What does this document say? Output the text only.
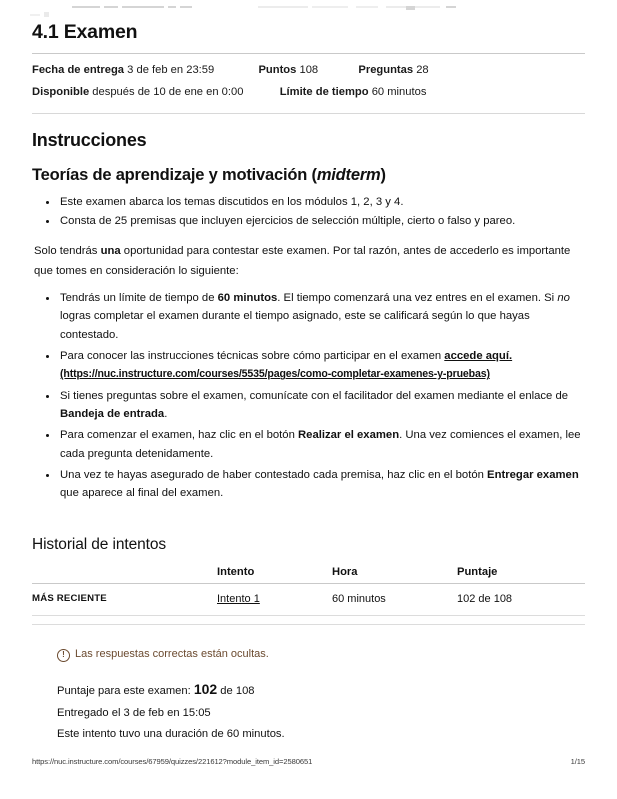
4.1 Examen
Fecha de entrega 3 de feb en 23:59	Puntos 108	Preguntas 28
Disponible después de 10 de ene en 0:00	Límite de tiempo 60 minutos
Instrucciones
Teorías de aprendizaje y motivación (midterm)
• Este examen abarca los temas discutidos en los módulos 1, 2, 3 y 4.
• Consta de 25 premisas que incluyen ejercicios de selección múltiple, cierto o falso y pareo.

Solo tendrás una oportunidad para contestar este examen. Por tal razón, antes de accederlo es importante que tomes en consideración lo siguiente:

• Tendrás un límite de tiempo de 60 minutos. El tiempo comenzará una vez entres en el examen. Si no logras completar el examen durante el tiempo asignado, este se calificará según lo que hayas contestado.
• Para conocer las instrucciones técnicas sobre cómo participar en el examen accede aquí. (https://nuc.instructure.com/courses/5535/pages/como-completar-examenes-y-pruebas)
• Si tienes preguntas sobre el examen, comunícate con el facilitador del examen mediante el enlace de Bandeja de entrada.
• Para comenzar el examen, haz clic en el botón Realizar el examen. Una vez comiences el examen, lee cada pregunta detenidamente.
• Una vez te hayas asegurado de haber contestado cada premisa, haz clic en el botón Entregar examen que aparece al final del examen.
Historial de intentos
	Intento	Hora	Puntaje
MÁS RECIENTE	Intento 1	60 minutos	102 de 108
! Las respuestas correctas están ocultas.
Puntaje para este examen: 102 de 108
Entregado el 3 de feb en 15:05
Este intento tuvo una duración de 60 minutos.
https://nuc.instructure.com/courses/67959/quizzes/221612?module_item_id=2580651	1/15
